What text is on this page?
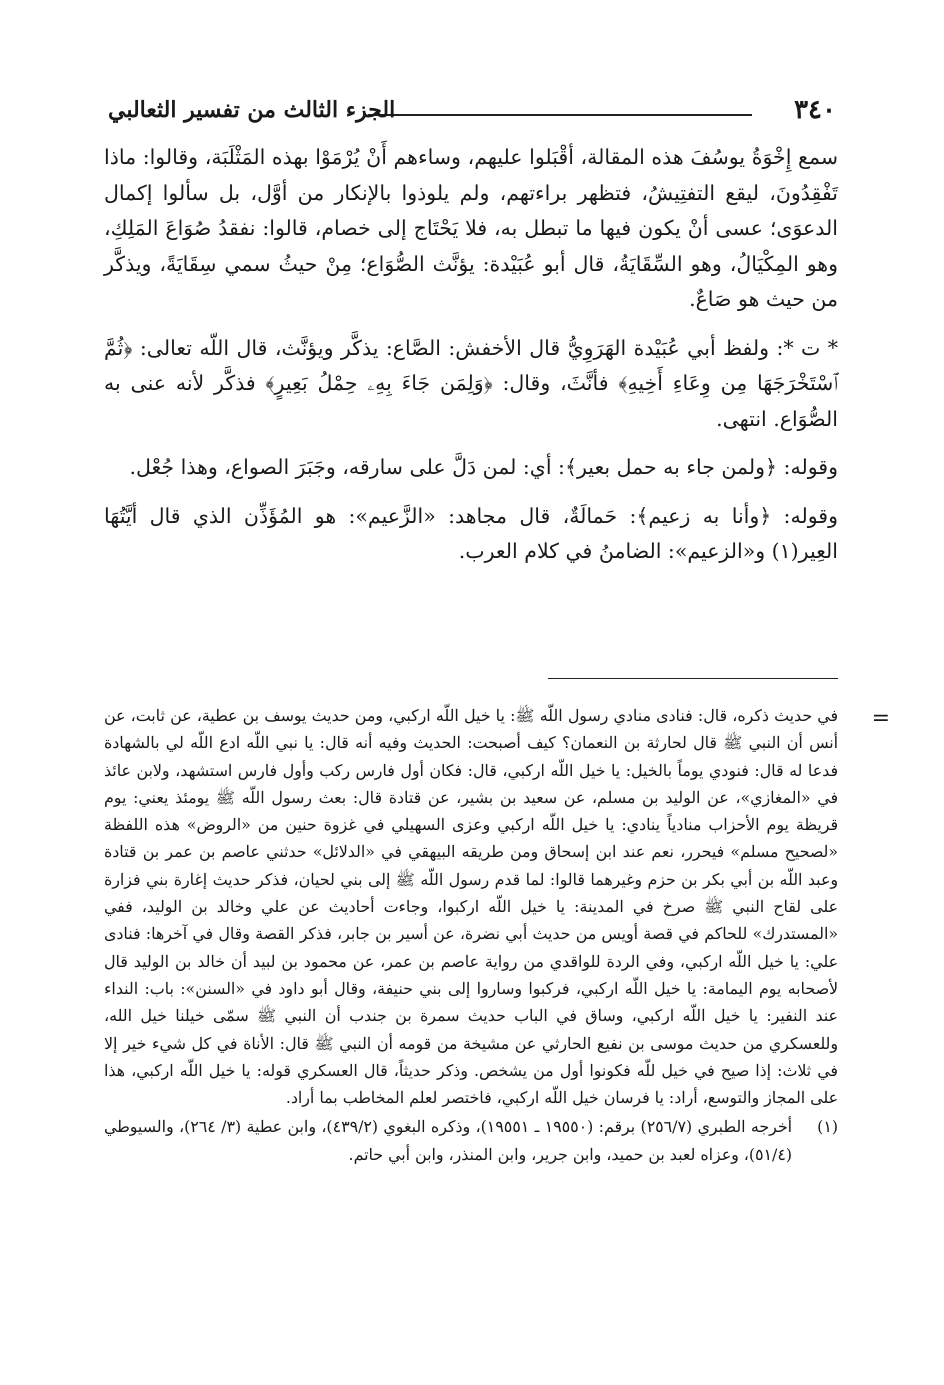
٣٤٠
الجزء الثالث من تفسير الثعالبي

سمع إِخْوَةُ يوسُفَ هذه المقالة، أقْبَلوا عليهم، وساءهم أَنْ يُرْمَوْا بهذه المَثْلَبَة، وقالوا: ماذا تَفْقِدُونَ، ليقع التفتِيشُ، فتظهر براءتهم، ولم يلوذوا بالإنكار من أوَّل، بل سألوا إكمال الدعوَى؛ عسى أنْ يكون فيها ما تبطل به، فلا يَحْتَاج إلى خصام، قالوا: نفقدُ صُوَاعَ المَلِكِ، وهو المِكْيَالُ، وهو السِّقَايَةُ، قال أبو عُبَيْدة: يؤنَّث الصُّوَاع؛ مِنْ حيثُ سمي سِقَايَةً، ويذكَّر من حيث هو صَاعٌ.

* ت *: ولفظ أبي عُبَيْدة الهَرَوِيُّ قال الأخفش: الصَّاع: يذكَّر ويؤنَّث، قال اللّه تعالى: ﴿ثُمَّ ٱسْتَخْرَجَهَا مِن وِعَاءِ أَخِيهِ﴾ فأنَّثَ، وقال: ﴿وَلِمَن جَاءَ بِهِۦ حِمْلُ بَعِيرٍ﴾ فذكَّر لأنه عنى به الصُّوَاع. انتهى.

وقوله: ﴿ولمن جاء به حمل بعير﴾: أي: لمن دَلَّ على سارقه، وجَبَرَ الصواع، وهذا جُعْل.

وقوله: ﴿وأنا به زعيم﴾: حَمالَةٌ، قال مجاهد: «الزَّعيم»: هو المُؤَذِّن الذي قال أيَّتُهَا العِير(١) و«الزعيم»: الضامنُ في كلام العرب.

=

في حديث ذكره، قال: فنادى منادي رسول اللّه ﷺ: يا خيل اللّه اركبي، ومن حديث يوسف بن عطية، عن ثابت، عن أنس أن النبي ﷺ قال لحارثة بن النعمان؟ كيف أصبحت: الحديث وفيه أنه قال: يا نبي اللّه ادع اللّه لي بالشهادة فدعا له قال: فنودي يوماً بالخيل: يا خيل اللّه اركبي، قال: فكان أول فارس ركب وأول فارس استشهد، ولابن عائذ في «المغازي»، عن الوليد بن مسلم، عن سعيد بن بشير، عن قتادة قال: بعث رسول اللّه ﷺ يومئذ يعني: يوم قريظة يوم الأحزاب منادياً ينادي: يا خيل اللّه اركبي وعزى السهيلي في غزوة حنين من «الروض» هذه اللفظة «لصحيح مسلم» فيحرر، نعم عند ابن إسحاق ومن طريقه البيهقي في «الدلائل» حدثني عاصم بن عمر بن قتادة وعبد اللّه بن أبي بكر بن حزم وغيرهما قالوا: لما قدم رسول اللّه ﷺ إلى بني لحيان، فذكر حديث إغارة بني فزارة على لقاح النبي ﷺ صرخ في المدينة: يا خيل اللّه اركبوا، وجاءت أحاديث عن علي وخالد بن الوليد، ففي «المستدرك» للحاكم في قصة أويس من حديث أبي نضرة، عن أسير بن جابر، فذكر القصة وقال في آخرها: فنادى علي: يا خيل اللّه اركبي، وفي الردة للواقدي من رواية عاصم بن عمر، عن محمود بن لبيد أن خالد بن الوليد قال لأصحابه يوم اليمامة: يا خيل اللّه اركبي، فركبوا وساروا إلى بني حنيفة، وقال أبو داود في «السنن»: باب: النداء عند النفير: يا خيل اللّه اركبي، وساق في الباب حديث سمرة بن جندب أن النبي ﷺ سمّى خيلنا خيل الله، وللعسكري من حديث موسى بن نفيع الحارثي عن مشيخة من قومه أن النبي ﷺ قال: الأناة في كل شيء خير إلا في ثلاث: إذا صيح في خيل للّه فكونوا أول من يشخص. وذكر حديثاً، قال العسكري قوله: يا خيل اللّه اركبي، هذا على المجاز والتوسع، أراد: يا فرسان خيل اللّه اركبي، فاختصر لعلم المخاطب بما أراد.

(١)
أخرجه الطبري (٢٥٦/٧) برقم: (١٩٥٥٠ ـ ١٩٥٥١)، وذكره البغوي (٤٣٩/٢)، وابن عطية (٣/ ٢٦٤)، والسيوطي (٥١/٤)، وعزاه لعبد بن حميد، وابن جرير، وابن المنذر، وابن أبي حاتم.
